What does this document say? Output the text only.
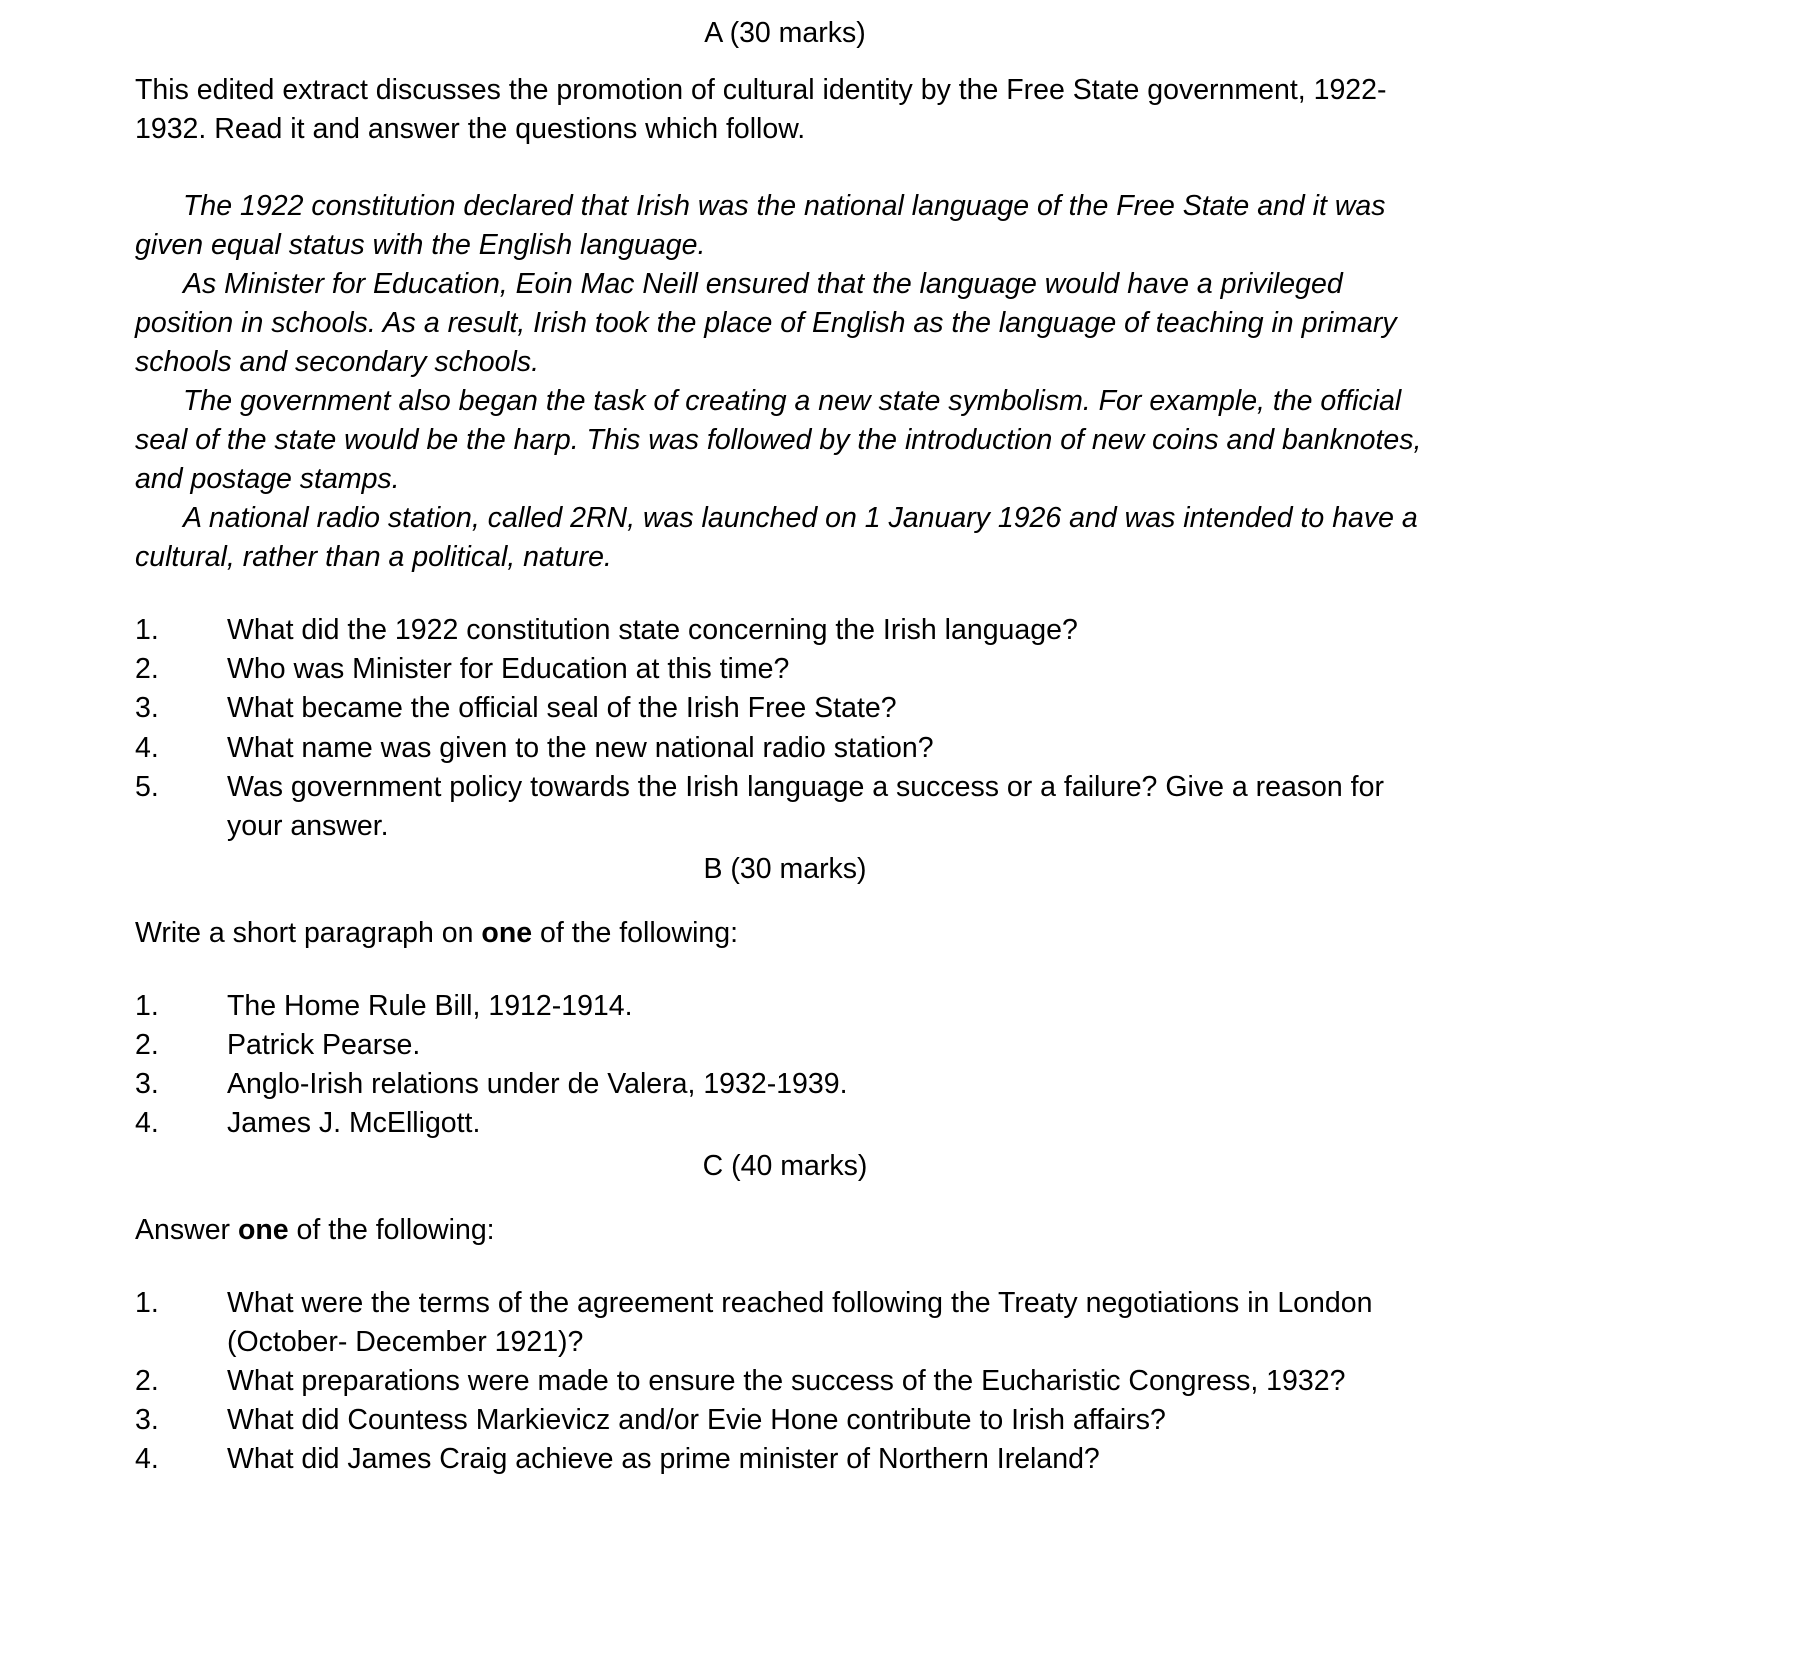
A (30 marks)

This edited extract discusses the promotion of cultural identity by the Free State government, 1922-1932. Read it and answer the questions which follow.

The 1922 constitution declared that Irish was the national language of the Free State and it was given equal status with the English language.

As Minister for Education, Eoin Mac Neill ensured that the language would have a privileged position in schools. As a result, Irish took the place of English as the language of teaching in primary schools and secondary schools.

The government also began the task of creating a new state symbolism. For example, the official seal of the state would be the harp. This was followed by the introduction of new coins and banknotes, and postage stamps.

A national radio station, called 2RN, was launched on 1 January 1926 and was intended to have a cultural, rather than a political, nature.

1.	What did the 1922 constitution state concerning the Irish language?
2.	Who was Minister for Education at this time?
3.	What became the official seal of the Irish Free State?
4.	What name was given to the new national radio station?
5.	Was government policy towards the Irish language a success or a failure? Give a reason for your answer.
B (30 marks)

Write a short paragraph on one of the following:

1.	The Home Rule Bill, 1912-1914.
2.	Patrick Pearse.
3.	Anglo-Irish relations under de Valera, 1932-1939.
4.	James J. McElligott.
C (40 marks)

Answer one of the following:

1.	What were the terms of the agreement reached following the Treaty negotiations in London (October- December 1921)?
2.	What preparations were made to ensure the success of the Eucharistic Congress, 1932?
3.	What did Countess Markievicz and/or Evie Hone contribute to Irish affairs?
4.	What did James Craig achieve as prime minister of Northern Ireland?
